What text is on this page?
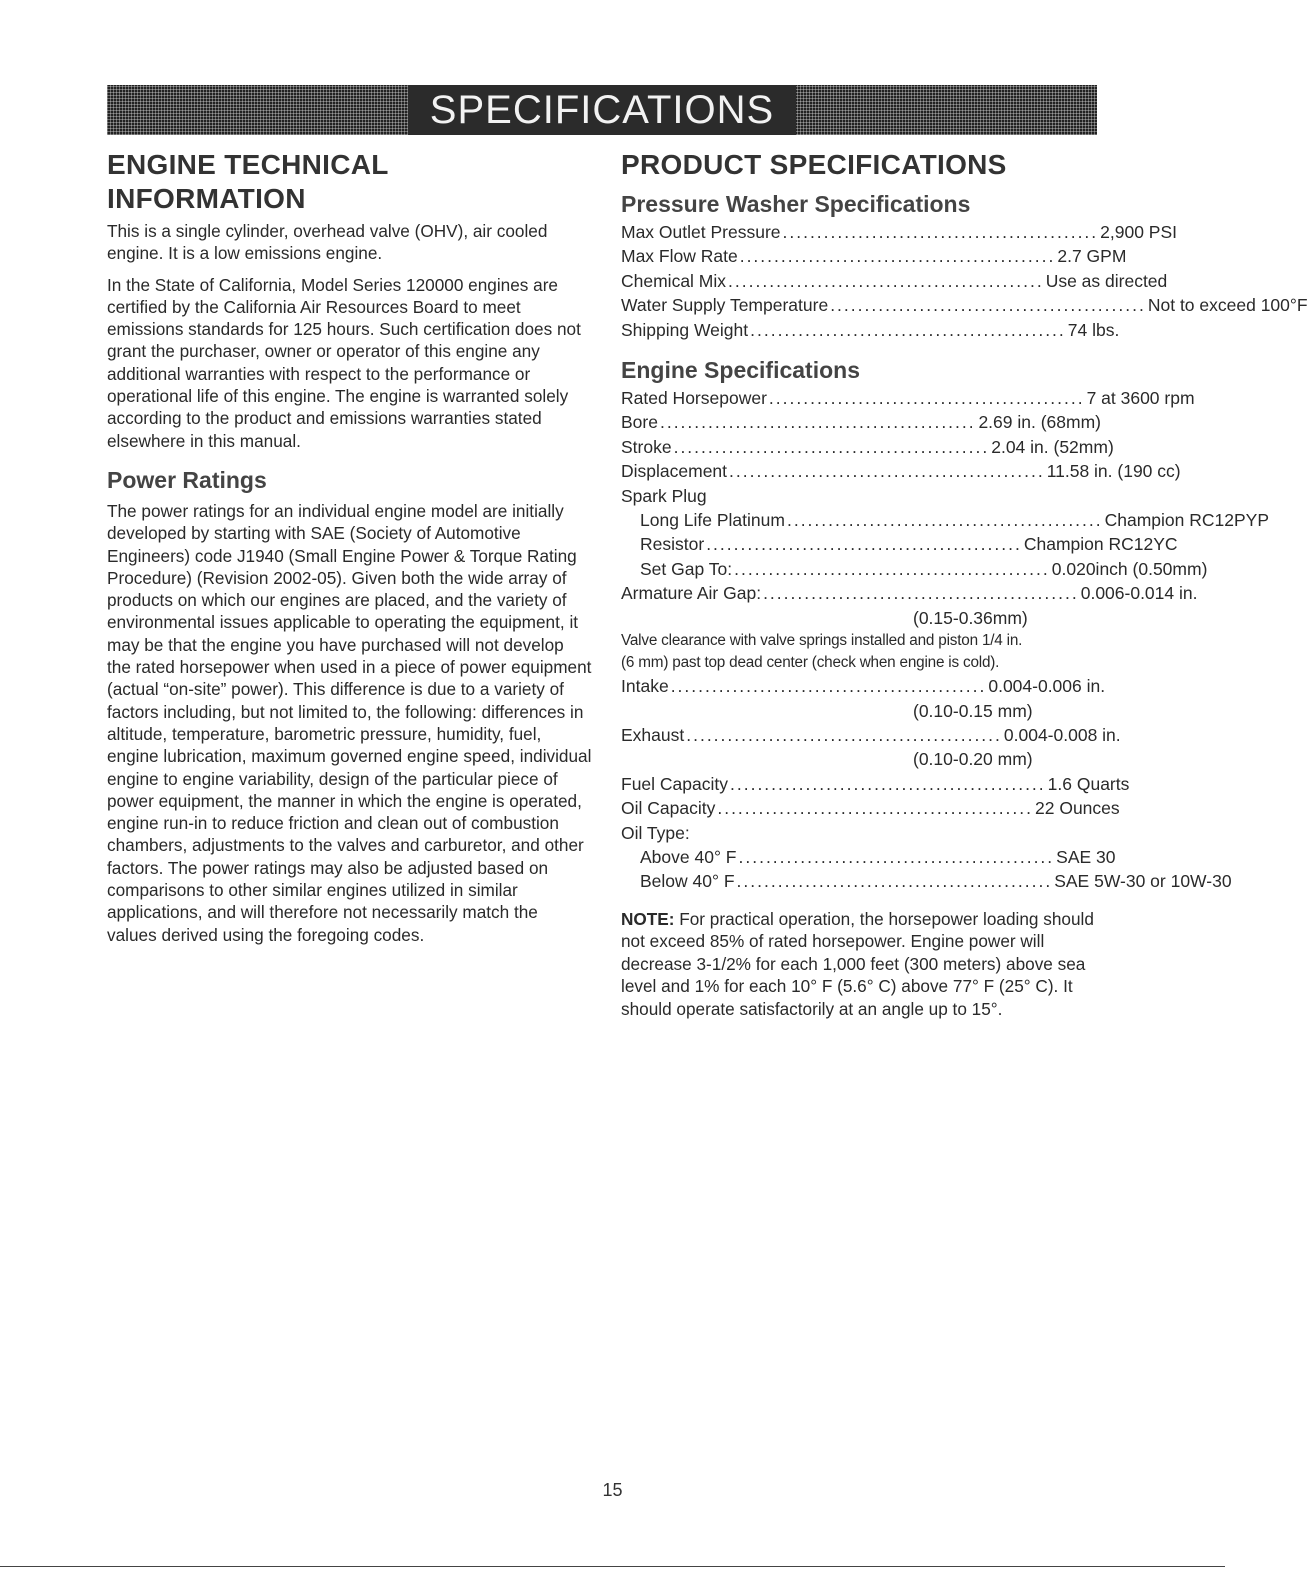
SPECIFICATIONS
ENGINE TECHNICAL INFORMATION

This is a single cylinder, overhead valve (OHV), air cooled engine. It is a low emissions engine.

In the State of California, Model Series 120000 engines are certified by the California Air Resources Board to meet emissions standards for 125 hours. Such certification does not grant the purchaser, owner or operator of this engine any additional warranties with respect to the performance or operational life of this engine. The engine is warranted solely according to the product and emissions warranties stated elsewhere in this manual.

Power Ratings

The power ratings for an individual engine model are initially developed by starting with SAE (Society of Automotive Engineers) code J1940 (Small Engine Power & Torque Rating Procedure) (Revision 2002-05). Given both the wide array of products on which our engines are placed, and the variety of environmental issues applicable to operating the equipment, it may be that the engine you have purchased will not develop the rated horsepower when used in a piece of power equipment (actual “on-site” power). This difference is due to a variety of factors including, but not limited to, the following: differences in altitude, temperature, barometric pressure, humidity, fuel, engine lubrication, maximum governed engine speed, individual engine to engine variability, design of the particular piece of power equipment, the manner in which the engine is operated, engine run-in to reduce friction and clean out of combustion chambers, adjustments to the valves and carburetor, and other factors. The power ratings may also be adjusted based on comparisons to other similar engines utilized in similar applications, and will therefore not necessarily match the values derived using the foregoing codes.

PRODUCT SPECIFICATIONS
Pressure Washer Specifications
Max Outlet Pressure .............................................. 2,900 PSI
Max Flow Rate .............................................. 2.7 GPM
Chemical Mix .............................................. Use as directed
Water Supply Temperature .............................................. Not to exceed 100°F
Shipping Weight .............................................. 74 lbs.
Engine Specifications
Rated Horsepower .............................................. 7 at 3600 rpm
Bore .............................................. 2.69 in. (68mm)
Stroke .............................................. 2.04 in. (52mm)
Displacement .............................................. 11.58 in. (190 cc)
Spark Plug
Long Life Platinum .............................................. Champion RC12PYP
Resistor .............................................. Champion RC12YC
Set Gap To: .............................................. 0.020inch (0.50mm)
Armature Air Gap: .............................................. 0.006-0.014 in.
(0.15-0.36mm)
Valve clearance with valve springs installed and piston 1/4 in.
(6 mm) past top dead center (check when engine is cold).
Intake .............................................. 0.004-0.006 in.
(0.10-0.15 mm)
Exhaust .............................................. 0.004-0.008 in.
(0.10-0.20 mm)
Fuel Capacity .............................................. 1.6 Quarts
Oil Capacity .............................................. 22 Ounces
Oil Type:
Above 40° F .............................................. SAE 30
Below 40° F .............................................. SAE 5W-30 or 10W-30

NOTE: For practical operation, the horsepower loading should not exceed 85% of rated horsepower. Engine power will decrease 3-1/2% for each 1,000 feet (300 meters) above sea level and 1% for each 10° F (5.6° C) above 77° F (25° C). It should operate satisfactorily at an angle up to 15°.

15
